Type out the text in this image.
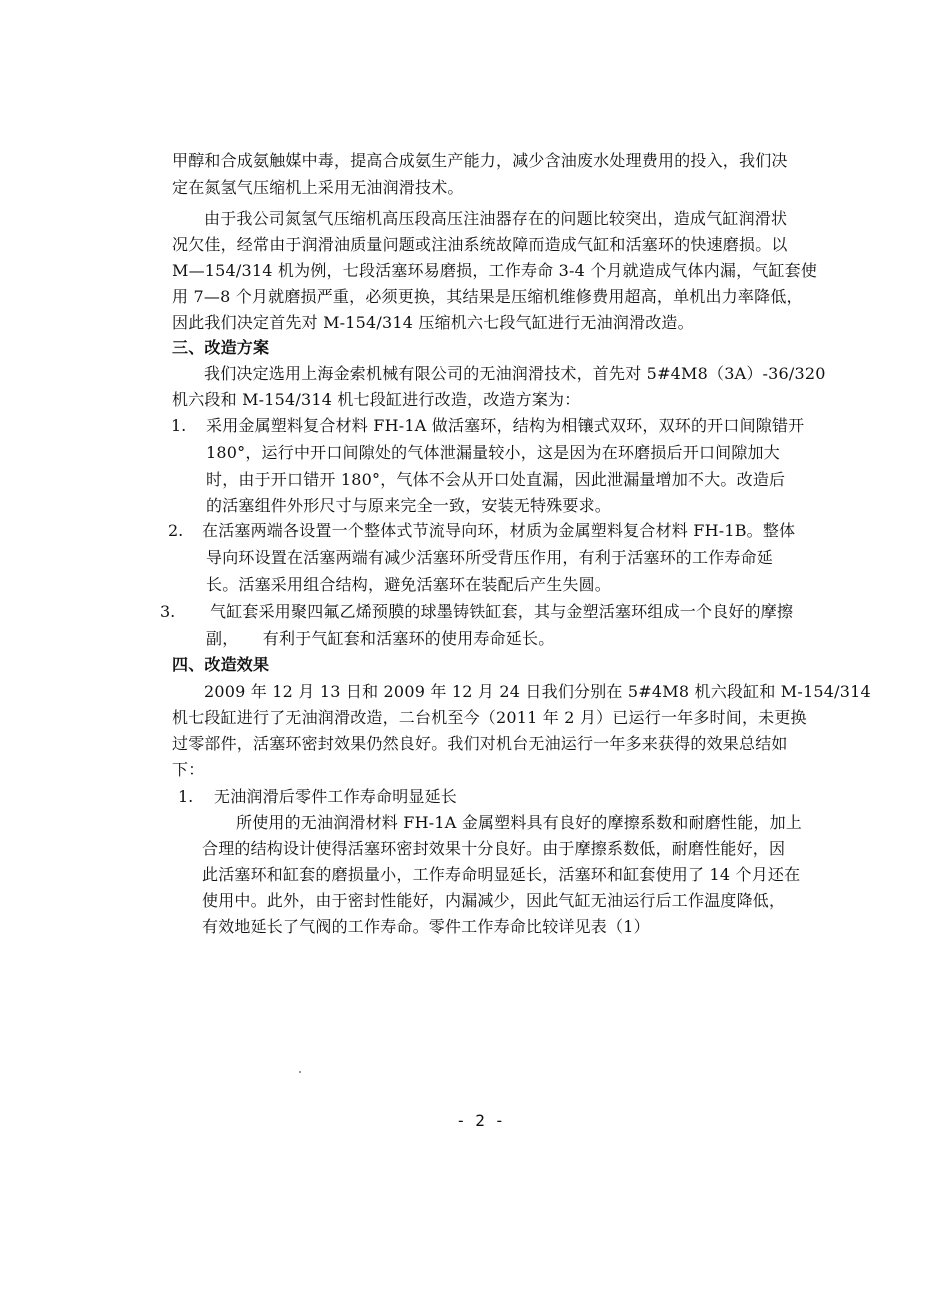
甲醇和合成氨触媒中毒，提高合成氨生产能力，减少含油废水处理费用的投入，我们决
定在氮氢气压缩机上采用无油润滑技术。
由于我公司氮氢气压缩机高压段高压注油器存在的问题比较突出，造成气缸润滑状
况欠佳，经常由于润滑油质量问题或注油系统故障而造成气缸和活塞环的快速磨损。以
M—154/314 机为例，七段活塞环易磨损，工作寿命 3-4 个月就造成气体内漏，气缸套使
用 7—8 个月就磨损严重，必须更换，其结果是压缩机维修费用超高，单机出力率降低，
因此我们决定首先对 M-154/314 压缩机六七段气缸进行无油润滑改造。
三、改造方案
我们决定选用上海金索机械有限公司的无油润滑技术，首先对 5#4M8（3A）-36/320
机六段和 M-154/314 机七段缸进行改造，改造方案为：
1. 采用金属塑料复合材料 FH-1A 做活塞环，结构为相镶式双环，双环的开口间隙错开
180°，运行中开口间隙处的气体泄漏量较小，这是因为在环磨损后开口间隙加大
时，由于开口错开 180°，气体不会从开口处直漏，因此泄漏量增加不大。改造后
的活塞组件外形尺寸与原来完全一致，安装无特殊要求。
2. 在活塞两端各设置一个整体式节流导向环，材质为金属塑料复合材料 FH-1B。整体
导向环设置在活塞两端有减少活塞环所受背压作用，有利于活塞环的工作寿命延
长。活塞采用组合结构，避免活塞环在装配后产生失圆。
3. 气缸套采用聚四氟乙烯预膜的球墨铸铁缸套，其与金塑活塞环组成一个良好的摩擦
副，　　有利于气缸套和活塞环的使用寿命延长。
四、改造效果
2009 年 12 月 13 日和 2009 年 12 月 24 日我们分别在 5#4M8 机六段缸和 M-154/314
机七段缸进行了无油润滑改造，二台机至今（2011 年 2 月）已运行一年多时间，未更换
过零部件，活塞环密封效果仍然良好。我们对机台无油运行一年多来获得的效果总结如
下：
1. 无油润滑后零件工作寿命明显延长
所使用的无油润滑材料 FH-1A 金属塑料具有良好的摩擦系数和耐磨性能，加上
合理的结构设计使得活塞环密封效果十分良好。由于摩擦系数低，耐磨性能好，因
此活塞环和缸套的磨损量小，工作寿命明显延长，活塞环和缸套使用了 14 个月还在
使用中。此外，由于密封性能好，内漏减少，因此气缸无油运行后工作温度降低，
有效地延长了气阀的工作寿命。零件工作寿命比较详见表（1）
- 2 -
